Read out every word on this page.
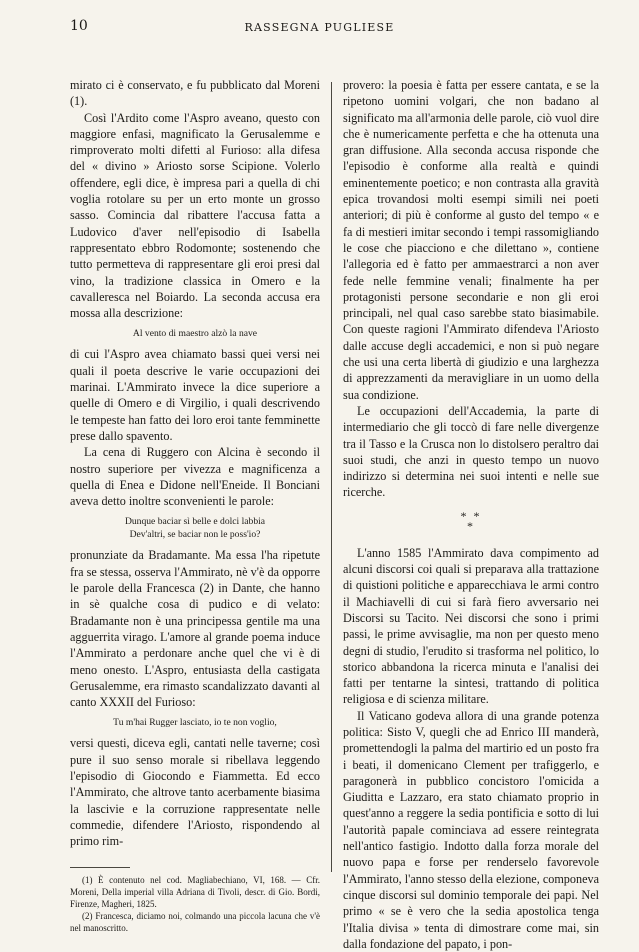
10	RASSEGNA PUGLIESE

mirato ci è conservato, e fu pubblicato dal Moreni (1).

Così l'Ardito come l'Aspro aveano, questo con maggiore enfasi, magnificato la Gerusalemme e rimproverato molti difetti al Furioso: alla difesa del « divino » Ariosto sorse Scipione. Volerlo offendere, egli dice, è impresa pari a quella di chi voglia rotolare su per un erto monte un grosso sasso. Comincia dal ribattere l'accusa fatta a Ludovico d'aver nell'episodio di Isabella rappresentato ebbro Rodomonte; sostenendo che tutto permetteva di rappresentare gli eroi presi dal vino, la tradizione classica in Omero e la cavalleresca nel Boiardo. La seconda accusa era mossa alla descrizione:

Al vento di maestro alzò la nave

di cui l'Aspro avea chiamato bassi quei versi nei quali il poeta descrive le varie occupazioni dei marinai. L'Ammirato invece la dice superiore a quelle di Omero e di Virgilio, i quali descrivendo le tempeste han fatto dei loro eroi tante femminette prese dallo spavento.

La cena di Ruggero con Alcina è secondo il nostro superiore per vivezza e magnificenza a quella di Enea e Didone nell'Eneide. Il Bonciani aveva detto inoltre sconvenienti le parole:

Dunque baciar sì belle e dolci labbia
Dev'altri, se baciar non le poss'io?

pronunziate da Bradamante. Ma essa l'ha ripetute fra se stessa, osserva l'Ammirato, nè v'è da opporre le parole della Francesca (2) in Dante, che hanno in sè qualche cosa di pudico e di velato: Bradamante non è una principessa gentile ma una agguerrita virago. L'amore al grande poema induce l'Ammirato a perdonare anche quel che vi è di meno onesto. L'Aspro, entusiasta della castigata Gerusalemme, era rimasto scandalizzato davanti al canto XXXII del Furioso:

Tu m'hai Rugger lasciato, io te non voglio,

versi questi, diceva egli, cantati nelle taverne; così pure il suo senso morale si ribellava leggendo l'episodio di Giocondo e Fiammetta. Ed ecco l'Ammirato, che altrove tanto acerbamente biasima la lascivie e la corruzione rappresentate nelle commedie, difendere l'Ariosto, rispondendo al primo rim-

(1) È contenuto nel cod. Magliabechiano, VI, 168. — Cfr. Moreni, Della imperial villa Adriana di Tivoli, descr. di Gio. Bordi, Firenze, Magheri, 1825.

(2) Francesca, diciamo noi, colmando una piccola lacuna che v'è nel manoscritto.

provero: la poesia è fatta per essere cantata, e se la ripetono uomini volgari, che non badano al significato ma all'armonia delle parole, ciò vuol dire che è numericamente perfetta e che ha ottenuta una gran diffusione. Alla seconda accusa risponde che l'episodio è conforme alla realtà e quindi eminentemente poetico; e non contrasta alla gravità epica trovandosi molti esempi simili nei poeti anteriori; di più è conforme al gusto del tempo « e fa di mestieri imitar secondo i tempi rassomigliando le cose che piacciono e che dilettano », contiene l'allegoria ed è fatto per ammaestrarci a non aver fede nelle femmine venali; finalmente ha per protagonisti persone secondarie e non gli eroi principali, nel qual caso sarebbe stato biasimabile. Con queste ragioni l'Ammirato difendeva l'Ariosto dalle accuse degli accademici, e non si può negare che usi una certa libertà di giudizio e una larghezza di apprezzamenti da meravigliare in un uomo della sua condizione.

Le occupazioni dell'Accademia, la parte di intermediario che gli toccò di fare nelle divergenze tra il Tasso e la Crusca non lo distolsero peraltro dai suoi studi, che anzi in questo tempo un nuovo indirizzo si determina nei suoi intenti e nelle sue ricerche.

* *
*

L'anno 1585 l'Ammirato dava compimento ad alcuni discorsi coi quali si preparava alla trattazione di quistioni politiche e apparecchiava le armi contro il Machiavelli di cui si farà fiero avversario nei Discorsi su Tacito. Nei discorsi che sono i primi passi, le prime avvisaglie, ma non per questo meno degni di studio, l'erudito si trasforma nel politico, lo storico abbandona la ricerca minuta e l'analisi dei fatti per tentarne la sintesi, trattando di politica religiosa e di scienza militare.

Il Vaticano godeva allora di una grande potenza politica: Sisto V, quegli che ad Enrico III manderà, promettendogli la palma del martirio ed un posto fra i beati, il domenicano Clement per trafiggerlo, e paragonerà in pubblico concistoro l'omicida a Giuditta e Lazzaro, era stato chiamato proprio in quest'anno a reggere la sedia pontificia e sotto di lui l'autorità papale cominciava ad essere reintegrata nell'antico fastigio. Indotto dalla forza morale del nuovo papa e forse per renderselo favorevole l'Ammirato, l'anno stesso della elezione, componeva cinque discorsi sul dominio temporale dei papi. Nel primo « se è vero che la sedia apostolica tenga l'Italia divisa » tenta di dimostrare come mai, sin dalla fondazione del papato, i pon-
